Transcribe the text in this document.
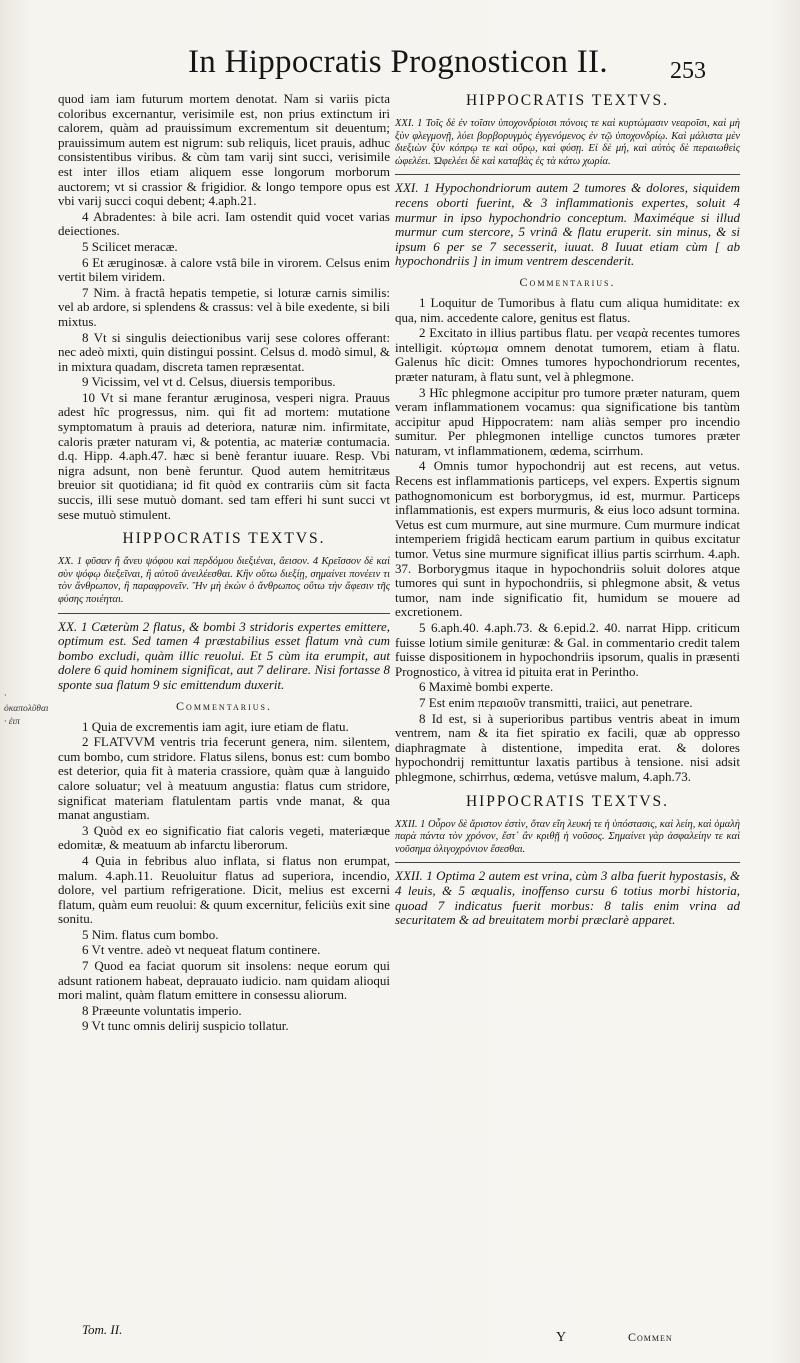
In Hippocratis Prognosticon II.	253
· ὀκαπολῦθαι · ἐιπ

quod iam iam futurum mortem denotat. Nam si variis picta coloribus excernantur, verisimile est, non prius extinctum iri calorem, quàm ad prauissimum excrementum sit deuentum; prauissimum autem est nigrum: sub reliquis, licet prauis, adhuc consistentibus viribus. & cùm tam varij sint succi, verisimile est inter illos etiam aliquem esse longorum morborum auctorem; vt si crassior & frigidior. & longo tempore opus est vbi varij succi coqui debent; 4.aph.21.

4 Abradentes: à bile acri. Iam ostendit quid vocet varias deiectiones.

5 Scilicet meracæ.

6 Et æruginosæ. à calore vstâ bile in virorem. Celsus enim vertit bilem viridem.

7 Nim. à fractâ hepatis tempetie, si loturæ carnis similis: vel ab ardore, si splendens & crassus: vel à bile exedente, si bili mixtus.

8 Vt si singulis deiectionibus varij sese colores offerant: nec adeò mixti, quin distingui possint. Celsus d. modò simul, & in mixtura quadam, discreta tamen repræsentat.

9 Vicissim, vel vt d. Celsus, diuersis temporibus.

10 Vt si mane ferantur æruginosa, vesperi nigra. Prauus adest hîc progressus, nim. qui fit ad mortem: mutatione symptomatum à prauis ad deteriora, naturæ nim. infirmitate, caloris præter naturam vi, & potentia, ac materiæ contumacia. d.q. Hipp. 4.aph.47. hæc si benè ferantur iuuare. Resp. Vbi nigra adsunt, non benè feruntur. Quod autem hemitritæus breuior sit quotidiana; id fit quòd ex contrariis cùm sit facta succis, illi sese mutuò domant. sed tam efferi hi sunt succi vt sese mutuò stimulent.

HIPPOCRATIS TEXTVS.

XX. 1 φῦσαν ἢ ἄνευ ψόφου καὶ περδόμου διεξιέναι, ἄεισον. 4 Κρεῖσσον δὲ καὶ σὺν ψόφῳ διεξεῖναι, ἢ αὐτοῦ ἀνειλέεσθαι. Κἢν οὕτω διεξίῃ, σημαίνει πονέειν τι τὸν ἄνθρωπον, ἢ παραφρονεῖν. Ἢν μὴ ἑκὼν ὁ ἄνθρωπος οὕτω τὴν ἄφεσιν τῆς φύσης ποιέηται.

XX. 1 Cæterùm 2 flatus, & bombi 3 stridoris expertes emittere, optimum est. Sed tamen 4 præstabilius esset flatum vnà cum bombo excludi, quàm illic reuolui. Et 5 cùm ita erumpit, aut dolere 6 quid hominem significat, aut 7 delirare. Nisi fortasse 8 sponte sua flatum 9 sic emittendum duxerit.

Commentarius.

1 Quia de excrementis iam agit, iure etiam de flatu.

2 FLATVVM ventris tria fecerunt genera, nim. silentem, cum bombo, cum stridore. Flatus silens, bonus est: cum bombo est deterior, quia fit à materia crassiore, quàm quæ à languido calore soluatur; vel à meatuum angustia: flatus cum stridore, significat materiam flatulentam partis vnde manat, & qua manat angustiam.

3 Quòd ex eo significatio fiat caloris vegeti, materiæque edomitæ, & meatuum ab infarctu liberorum.

4 Quia in febribus aluo inflata, si flatus non erumpat, malum. 4.aph.11. Reuoluitur flatus ad superiora, incendio, dolore, vel partium refrigeratione. Dicit, melius est excerni flatum, quàm eum reuolui: & quum excernitur, feliciùs exit sine sonitu.

5 Nim. flatus cum bombo.

6 Vt ventre. adeò vt nequeat flatum continere.

7 Quod ea faciat quorum sit insolens: neque eorum qui adsunt rationem habeat, deprauato iudicio. nam quidam alioqui mori malint, quàm flatum emittere in consessu aliorum.

8 Præeunte voluntatis imperio.

9 Vt tunc omnis delirij suspicio tollatur.

HIPPOCRATIS TEXTVS.

XXI. 1 Τοῖς δὲ ἐν τοῖσιν ὑποχονδρίοισι πόνοις τε καὶ κυρτώμασιν νεαροῖσι, καὶ μὴ ξὺν φλεγμονῇ, λύει βορβορυγμὸς ἐγγενόμενος ἐν τῷ ὑποχονδρίῳ. Καὶ μάλιστα μὲν διεξιὼν ξὺν κόπρῳ τε καὶ οὔρῳ, καὶ φύσῃ. Εἰ δὲ μή, καὶ αὐτὸς δὲ περαιωθεὶς ὠφελέει. Ὠφελέει δὲ καὶ καταβὰς ἐς τὰ κάτω χωρία.

XXI. 1 Hypochondriorum autem 2 tumores & dolores, siquidem recens oborti fuerint, & 3 inflammationis expertes, soluit 4 murmur in ipso hypochondrio conceptum. Maximéque si illud murmur cum stercore, 5 vrinâ & flatu eruperit. sin minus, & si ipsum 6 per se 7 secesserit, iuuat. 8 Iuuat etiam cùm [ ab hypochondriis ] in imum ventrem descenderit.

Commentarius.

1 Loquitur de Tumoribus à flatu cum aliqua humiditate: ex qua, nim. accedente calore, genitus est flatus.

2 Excitato in illius partibus flatu. per νεαρὰ recentes tumores intelligit. κύρτωμα omnem denotat tumorem, etiam à flatu. Galenus hîc dicit: Omnes tumores hypochondriorum recentes, præter naturam, à flatu sunt, vel à phlegmone.

3 Hîc phlegmone accipitur pro tumore præter naturam, quem veram inflammationem vocamus: qua significatione bis tantùm accipitur apud Hippocratem: nam aliàs semper pro incendio sumitur. Per phlegmonen intellige cunctos tumores præter naturam, vt inflammationem, œdema, scirrhum.

4 Omnis tumor hypochondrij aut est recens, aut vetus. Recens est inflammationis particeps, vel expers. Expertis signum pathognomonicum est borborygmus, id est, murmur. Particeps inflammationis, est expers murmuris, & eius loco adsunt tormina. Vetus est cum murmure, aut sine murmure. Cum murmure indicat intemperiem frigidâ hecticam earum partium in quibus excitatur tumor. Vetus sine murmure significat illius partis scirrhum. 4.aph. 37. Borborygmus itaque in hypochondriis soluit dolores atque tumores qui sunt in hypochondriis, si phlegmone absit, & vetus tumor, nam inde significatio fit, humidum se mouere ad excretionem.

5 6.aph.40. 4.aph.73. & 6.epid.2. 40. narrat Hipp. criticum fuisse lotium simile genituræ: & Gal. in commentario credit talem fuisse dispositionem in hypochondriis ipsorum, qualis in præsenti Prognostico, à vitrea id pituita erat in Perintho.

6 Maximè bombi experte.

7 Est enim περαιοῦν transmitti, traiici, aut penetrare.

8 Id est, si à superioribus partibus ventris abeat in imum ventrem, nam & ita fiet spiratio ex facili, quæ ab oppresso diaphragmate à distentione, impedita erat. & dolores hypochondrij remittuntur laxatis partibus à tensione. nisi adsit phlegmone, schirrhus, œdema, vetúsve malum, 4.aph.73.

HIPPOCRATIS TEXTVS.

XXII. 1 Οὖρον δὲ ἄριστον ἐστὶν, ὅταν εἴη λευκή τε ἡ ὑπόστασις, καὶ λείη, καὶ ὁμαλὴ παρὰ πάντα τὸν χρόνον, ἔστ᾽ ἂν κριθῇ ἡ νοῦσος. Σημαίνει γὰρ ἀσφαλείην τε καὶ νοῦσημα ὀλιγοχρόνιον ἔσεσθαι.

XXII. 1 Optima 2 autem est vrina, cùm 3 alba fuerit hypostasis, & 4 leuis, & 5 æqualis, inoffenso cursu 6 totius morbi historia, quoad 7 indicatus fuerit morbus: 8 talis enim vrina ad securitatem & ad breuitatem morbi præclarè apparet.

Tom. II.
Y	Commen
